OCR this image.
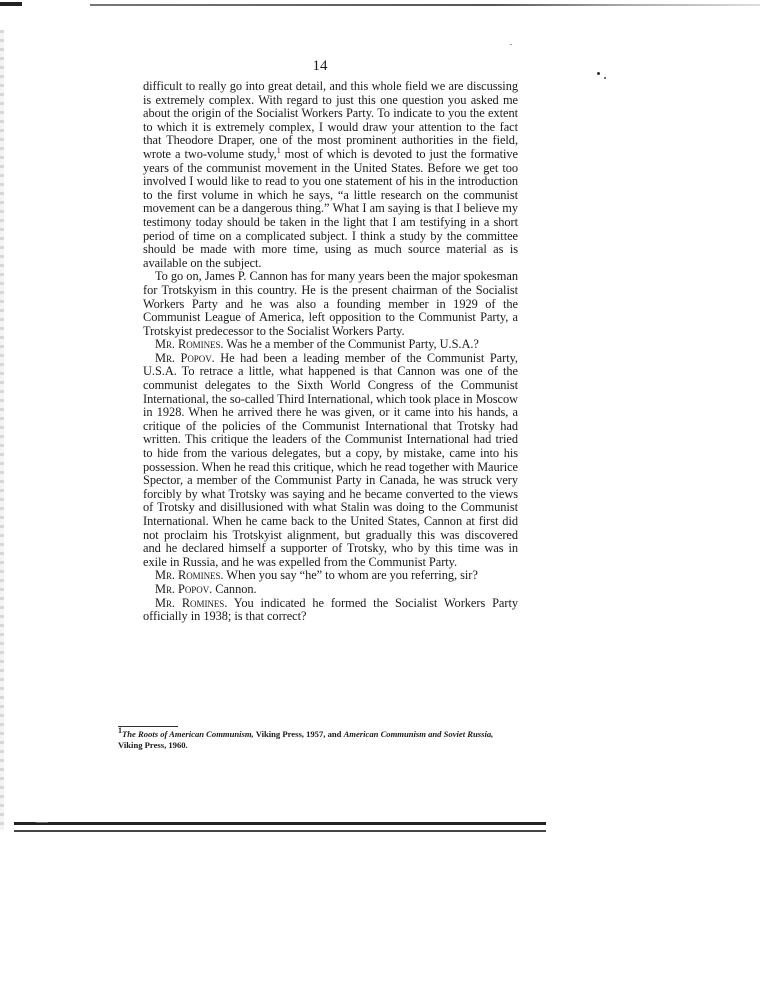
14

difficult to really go into great detail, and this whole field we are discussing is extremely complex. With regard to just this one question you asked me about the origin of the Socialist Workers Party. To indicate to you the extent to which it is extremely complex, I would draw your attention to the fact that Theodore Draper, one of the most prominent authorities in the field, wrote a two-volume study,$^1$ most of which is devoted to just the formative years of the communist movement in the United States. Before we get too involved I would like to read to you one statement of his in the introduction to the first volume in which he says, “a little research on the communist movement can be a dangerous thing.” What I am saying is that I believe my testimony today should be taken in the light that I am testifying in a short period of time on a complicated subject. I think a study by the committee should be made with more time, using as much source material as is available on the subject.

To go on, James P. Cannon has for many years been the major spokesman for Trotskyism in this country. He is the present chairman of the Socialist Workers Party and he was also a founding member in 1929 of the Communist League of America, left opposition to the Communist Party, a Trotskyist predecessor to the Socialist Workers Party.

Mr. Romines. Was he a member of the Communist Party, U.S.A.?

Mr. Popov. He had been a leading member of the Communist Party, U.S.A. To retrace a little, what happened is that Cannon was one of the communist delegates to the Sixth World Congress of the Communist International, the so-called Third International, which took place in Moscow in 1928. When he arrived there he was given, or it came into his hands, a critique of the policies of the Communist International that Trotsky had written. This critique the leaders of the Communist International had tried to hide from the various delegates, but a copy, by mistake, came into his possession. When he read this critique, which he read together with Maurice Spector, a member of the Communist Party in Canada, he was struck very forcibly by what Trotsky was saying and he became converted to the views of Trotsky and disillusioned with what Stalin was doing to the Communist International. When he came back to the United States, Cannon at first did not proclaim his Trotskyist alignment, but gradually this was discovered and he declared himself a supporter of Trotsky, who by this time was in exile in Russia, and he was expelled from the Communist Party.

Mr. Romines. When you say “he” to whom are you referring, sir?

Mr. Popov. Cannon.

Mr. Romines. You indicated he formed the Socialist Workers Party officially in 1938; is that correct?

$^1$The Roots of American Communism, Viking Press, 1957, and American Communism and Soviet Russia, Viking Press, 1960.
